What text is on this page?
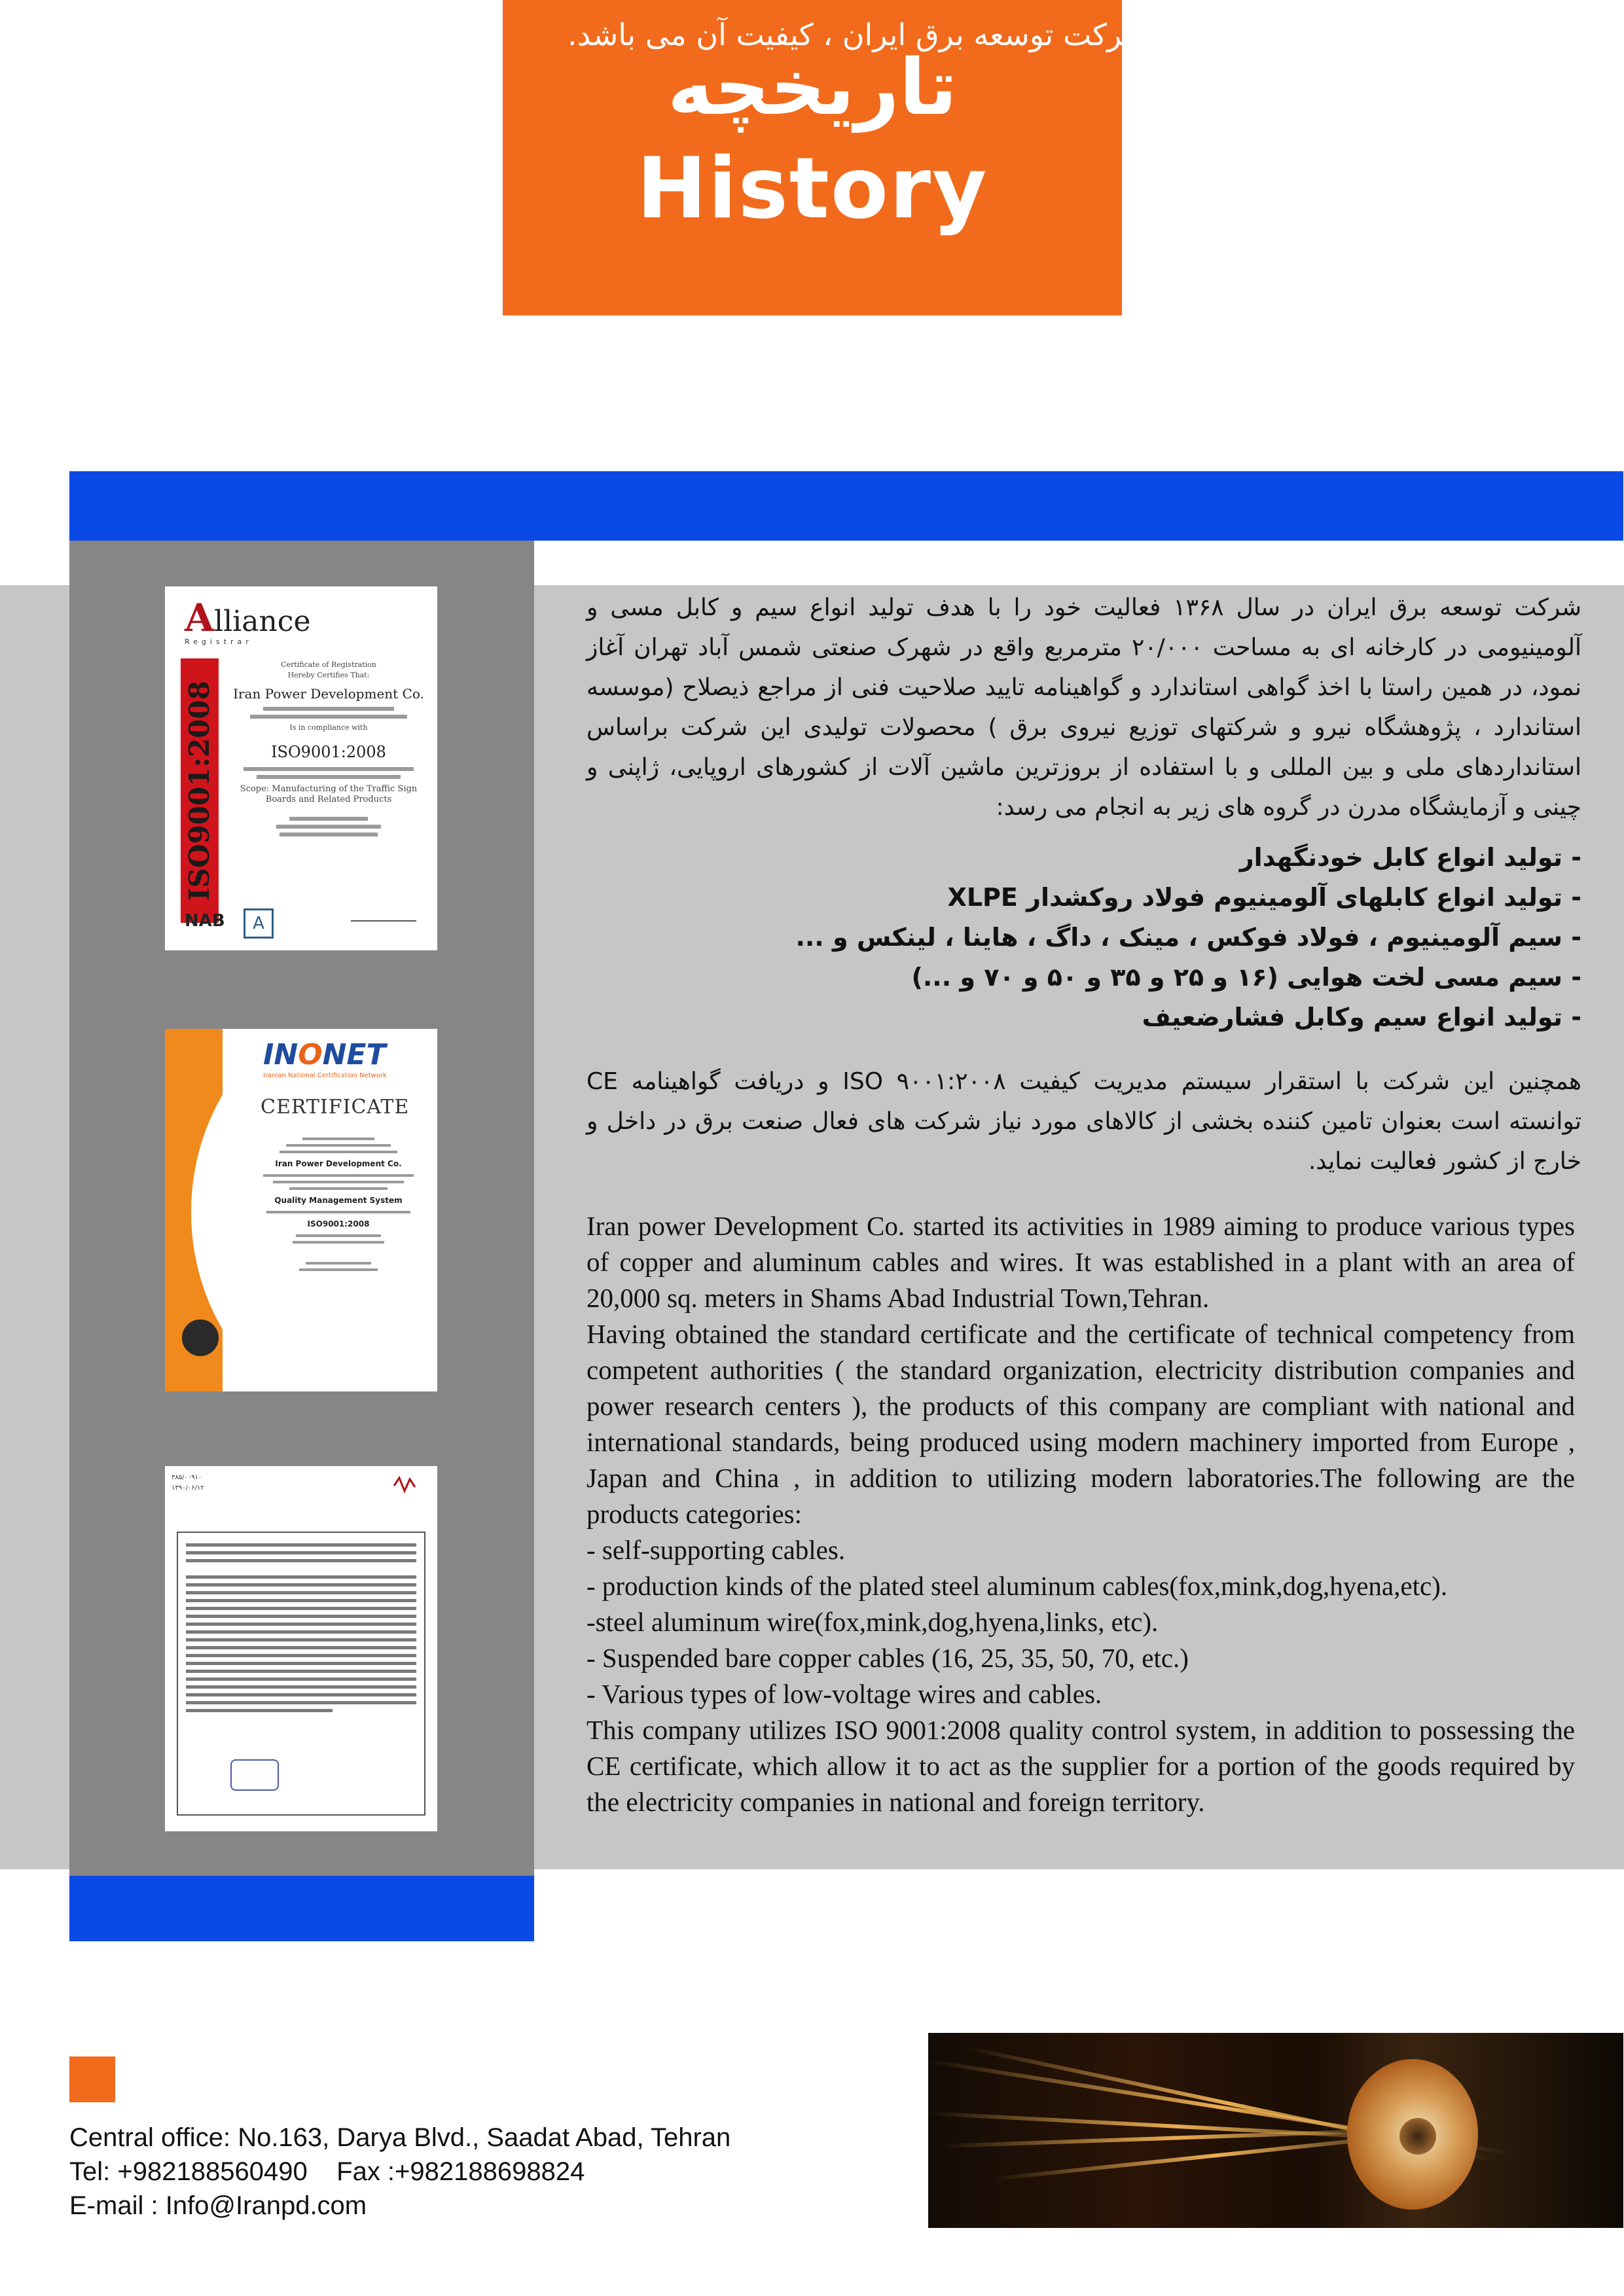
تاریخچه
History
مهمترین مشخصه محصولات تولیدی شرکت توسعه برق ایران ، کیفیت آن می باشد.
Alliance
Registrar
ISO9001:2008
Certificate of Registration
Hereby Certifies That:
Iran Power Development Co.
Is in compliance with
ISO9001:2008
Scope: Manufacturing of the Traffic Sign Boards and Related Products
NAB	A
INONET
Iranian National Certification Network
CERTIFICATE
Iran Power Development Co.
Quality Management System
ISO9001:2008
۳۸۵/۰۰۹۱۰
۱۳۹۰/۰۶/۱۲
شرکت توسعه برق ایران در سال ۱۳۶۸ فعالیت خود را با هدف تولید انواع سیم و کابل مسی و آلومینیومی در کارخانه ای به مساحت ۲۰/۰۰۰ مترمربع واقع در شهرک صنعتی شمس آباد تهران آغاز نمود، در همین راستا با اخذ گواهی استاندارد و گواهینامه تایید صلاحیت فنی از مراجع ذیصلاح (موسسه استاندارد ، پژوهشگاه نیرو و شرکتهای توزیع نیروی برق ) محصولات تولیدی این شرکت براساس استانداردهای ملی و بین المللی و با استفاده از بروزترین ماشین آلات از کشورهای اروپایی، ژاپنی و چینی و آزمایشگاه مدرن در گروه های زیر به انجام می رسد:
- تولید انواع کابل خودنگهدار
- تولید انواع کابلهای آلومینیوم فولاد روکشدار XLPE
- سیم آلومینیوم ، فولاد فوکس ، مینک ، داگ ، هاینا ، لینکس و ...
- سیم مسی لخت هوایی (۱۶ و ۲۵ و ۳۵ و ۵۰ و ۷۰ و ...)
- تولید انواع سیم وکابل فشارضعیف
همچنین این شرکت با استقرار سیستم مدیریت کیفیت ISO ۹۰۰۱:۲۰۰۸ و دریافت گواهینامه CE توانسته است بعنوان تامین کننده بخشی از کالاهای مورد نیاز شرکت های فعال صنعت برق در داخل و خارج از کشور فعالیت نماید.

Iran power Development Co. started its activities in 1989 aiming to produce various types of copper and aluminum cables and wires. It was established in a plant with an area of 20,000 sq. meters in Shams Abad Industrial Town,Tehran.

Having obtained the standard certificate and the certificate of technical competency from competent authorities ( the standard organization, electricity distribution companies and power research centers ), the products of this company are compliant with national and international standards, being produced using modern machinery imported from Europe , Japan and China , in addition to utilizing modern laboratories.The following are the products categories:

- self-supporting cables.

- production kinds of the plated steel aluminum cables(fox,mink,dog,hyena,etc).

-steel aluminum wire(fox,mink,dog,hyena,links, etc).

- Suspended bare copper cables (16, 25, 35, 50, 70, etc.)

- Various types of low-voltage wires and cables.

This company utilizes ISO 9001:2008 quality control system, in addition to possessing the CE certificate, which allow it to act as the supplier for a portion of the goods required by the electricity companies in national and foreign territory.

Central office: No.163, Darya Blvd., Saadat Abad, Tehran
Tel: +982188560490 Fax :+982188698824
E-mail : Info@Iranpd.com
